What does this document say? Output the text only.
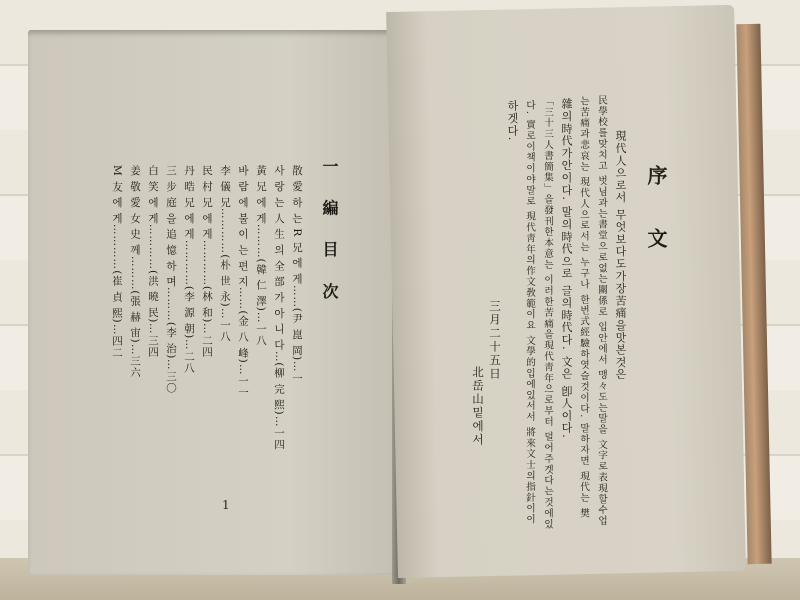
一 編 目 次
散 愛 하 는 R 兄 에 게……(尹 崑 岡)…一
사 랑 는 人 生 의 全 部 가 아 니 다…(柳 完 熙)…一四
黃 兄 에 게………(韓 仁 澤)…一八
바 람 에 불 이 는 편 지……(金 八 峰)…一一
李 儀 兄…………(朴 世 永)…一八
民 村 兄 에 게…………(林 和)…二四
丹 晧 兄 에 게…………(李 源 朝)…二八
三 步 庭 을 追 憶 하 며………(李 治)…三〇
白 笑 에 게…………(洪 曉 民)…三四
姜 敬 愛 女 史 께………(張 赫 宙)…三六
M 友 에 게…………(崔 貞 熙)…四二
1
序 文
現代人으로서 무엇보다도가장苦痛을맛본것은
民學校를맞치고 벗님과는書堂으로없는關係로 입안에서 맹々도는말을 文字로表現할수업
는苦痛과悲哀는 現代人으로서는 누구나 한번式經驗하엿슬것이다. 말하자면 現代는 樊
雜의時代가안이다. 말의時代으로 글의時代다. 文은 卽人이다.
「三十三人書簡集」을發刊한本意는 이러한苦痛을現代靑年으로부터 덜어주겟다는것에있
다. 實로이책이야말로 現代靑年의作文敎範이요 文學的입에있서서 將來文士의指針이이
하겟다.
三月二十五日
北岳山밑에서
